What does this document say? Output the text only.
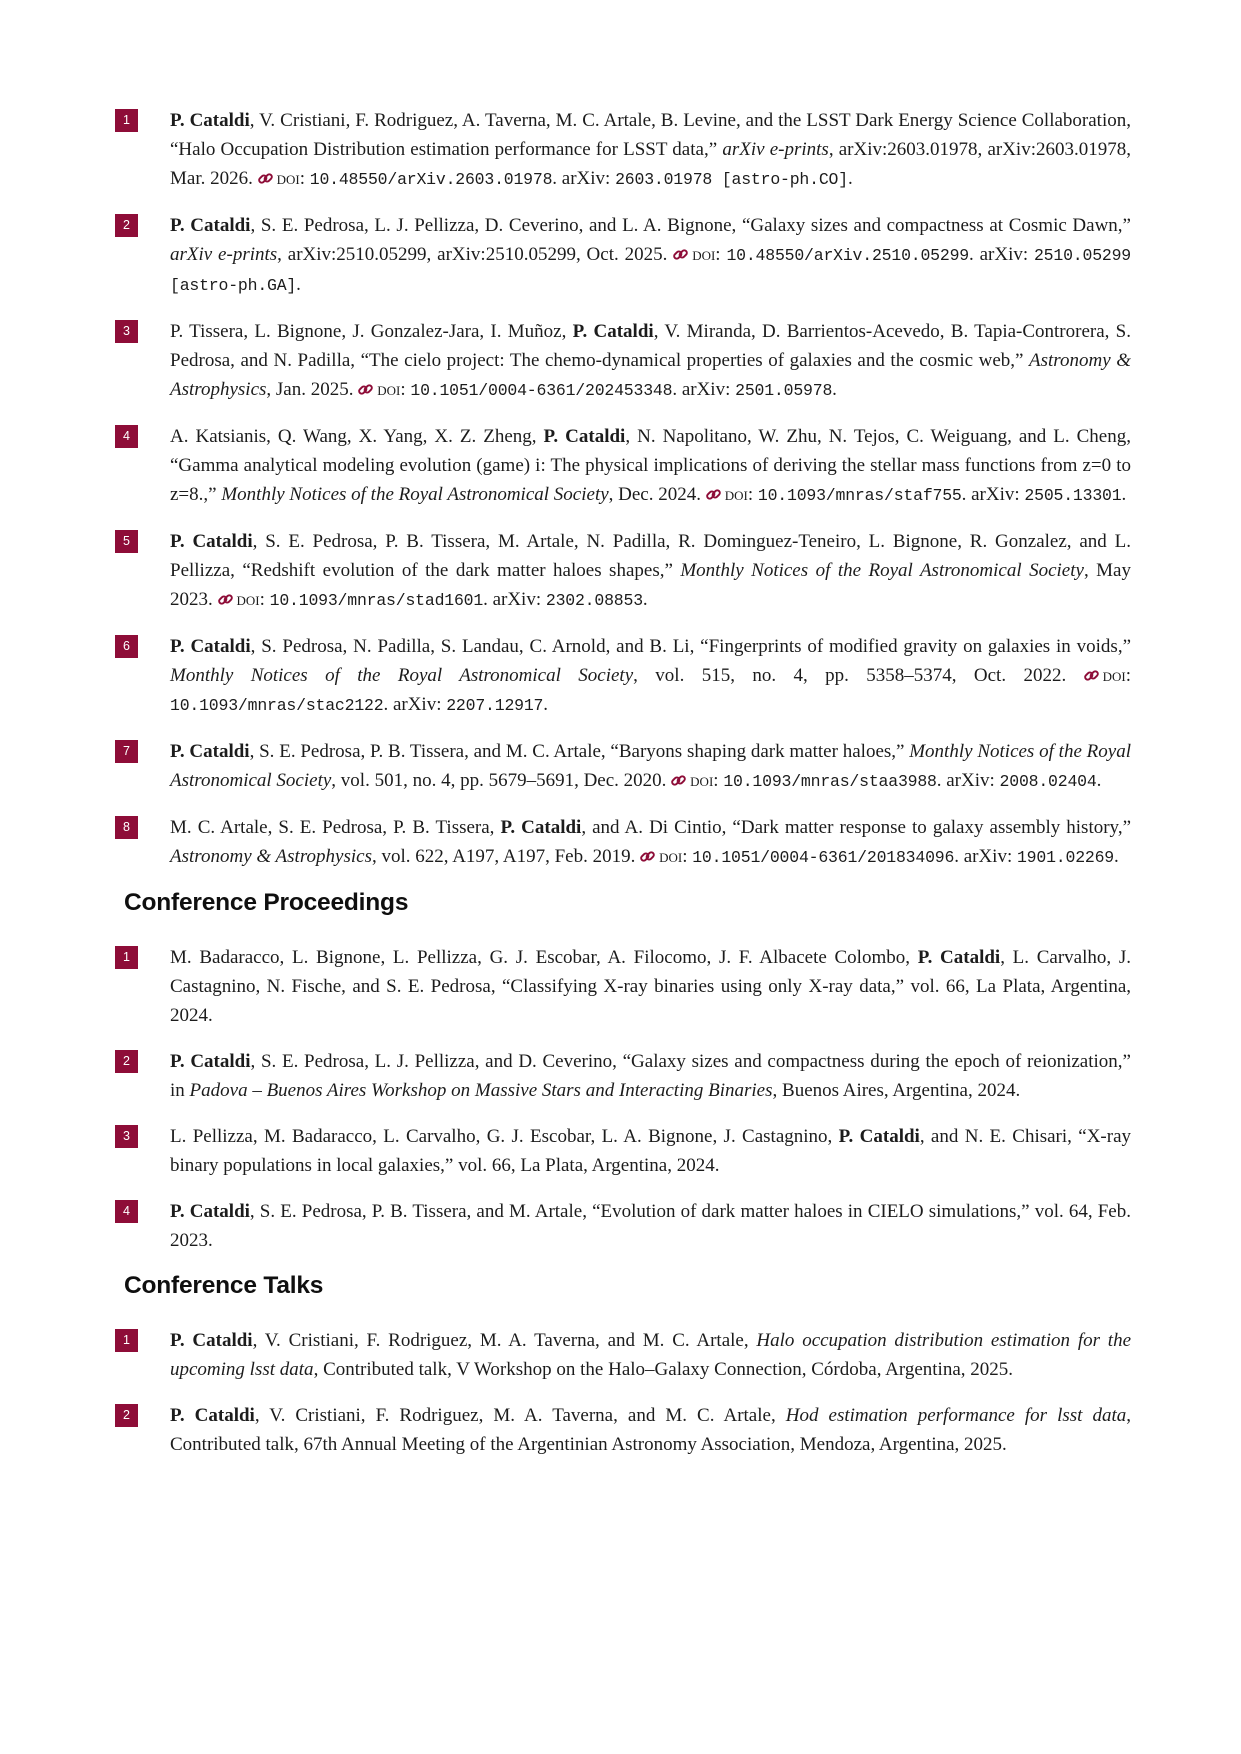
1	P. Cataldi, V. Cristiani, F. Rodriguez, A. Taverna, M. C. Artale, B. Levine, and the LSST Dark Energy Science Collaboration, “Halo Occupation Distribution estimation performance for LSST data,” arXiv e-prints, arXiv:2603.01978, arXiv:2603.01978, Mar. 2026. doi: 10.48550/arXiv.2603.01978. arXiv: 2603.01978 [astro-ph.CO].

2	P. Cataldi, S. E. Pedrosa, L. J. Pellizza, D. Ceverino, and L. A. Bignone, “Galaxy sizes and compactness at Cosmic Dawn,” arXiv e-prints, arXiv:2510.05299, arXiv:2510.05299, Oct. 2025. doi: 10.48550/arXiv.2510.05299. arXiv: 2510.05299 [astro-ph.GA].

3	P. Tissera, L. Bignone, J. Gonzalez-Jara, I. Muñoz, P. Cataldi, V. Miranda, D. Barrientos-Acevedo, B. Tapia-Controrera, S. Pedrosa, and N. Padilla, “The cielo project: The chemo-dynamical properties of galaxies and the cosmic web,” Astronomy & Astrophysics, Jan. 2025. doi: 10.1051/0004-6361/202453348. arXiv: 2501.05978.

4	A. Katsianis, Q. Wang, X. Yang, X. Z. Zheng, P. Cataldi, N. Napolitano, W. Zhu, N. Tejos, C. Weiguang, and L. Cheng, “Gamma analytical modeling evolution (game) i: The physical implications of deriving the stellar mass functions from z=0 to z=8.,” Monthly Notices of the Royal Astronomical Society, Dec. 2024. doi: 10.1093/mnras/staf755. arXiv: 2505.13301.

5	P. Cataldi, S. E. Pedrosa, P. B. Tissera, M. Artale, N. Padilla, R. Dominguez-Teneiro, L. Bignone, R. Gonzalez, and L. Pellizza, “Redshift evolution of the dark matter haloes shapes,” Monthly Notices of the Royal Astronomical Society, May 2023. doi: 10.1093/mnras/stad1601. arXiv: 2302.08853.

6	P. Cataldi, S. Pedrosa, N. Padilla, S. Landau, C. Arnold, and B. Li, “Fingerprints of modified gravity on galaxies in voids,” Monthly Notices of the Royal Astronomical Society, vol. 515, no. 4, pp. 5358–5374, Oct. 2022. doi: 10.1093/mnras/stac2122. arXiv: 2207.12917.

7	P. Cataldi, S. E. Pedrosa, P. B. Tissera, and M. C. Artale, “Baryons shaping dark matter haloes,” Monthly Notices of the Royal Astronomical Society, vol. 501, no. 4, pp. 5679–5691, Dec. 2020. doi: 10.1093/mnras/staa3988. arXiv: 2008.02404.

8	M. C. Artale, S. E. Pedrosa, P. B. Tissera, P. Cataldi, and A. Di Cintio, “Dark matter response to galaxy assembly history,” Astronomy & Astrophysics, vol. 622, A197, A197, Feb. 2019. doi: 10.1051/0004-6361/201834096. arXiv: 1901.02269.

Conference Proceedings
1	M. Badaracco, L. Bignone, L. Pellizza, G. J. Escobar, A. Filocomo, J. F. Albacete Colombo, P. Cataldi, L. Carvalho, J. Castagnino, N. Fische, and S. E. Pedrosa, “Classifying X-ray binaries using only X-ray data,” vol. 66, La Plata, Argentina, 2024.

2	P. Cataldi, S. E. Pedrosa, L. J. Pellizza, and D. Ceverino, “Galaxy sizes and compactness during the epoch of reionization,” in Padova – Buenos Aires Workshop on Massive Stars and Interacting Binaries, Buenos Aires, Argentina, 2024.

3	L. Pellizza, M. Badaracco, L. Carvalho, G. J. Escobar, L. A. Bignone, J. Castagnino, P. Cataldi, and N. E. Chisari, “X-ray binary populations in local galaxies,” vol. 66, La Plata, Argentina, 2024.

4	P. Cataldi, S. E. Pedrosa, P. B. Tissera, and M. Artale, “Evolution of dark matter haloes in CIELO simulations,” vol. 64, Feb. 2023.

Conference Talks
1	P. Cataldi, V. Cristiani, F. Rodriguez, M. A. Taverna, and M. C. Artale, Halo occupation distribution estimation for the upcoming lsst data, Contributed talk, V Workshop on the Halo–Galaxy Connection, Córdoba, Argentina, 2025.

2	P. Cataldi, V. Cristiani, F. Rodriguez, M. A. Taverna, and M. C. Artale, Hod estimation performance for lsst data, Contributed talk, 67th Annual Meeting of the Argentinian Astronomy Association, Mendoza, Argentina, 2025.
